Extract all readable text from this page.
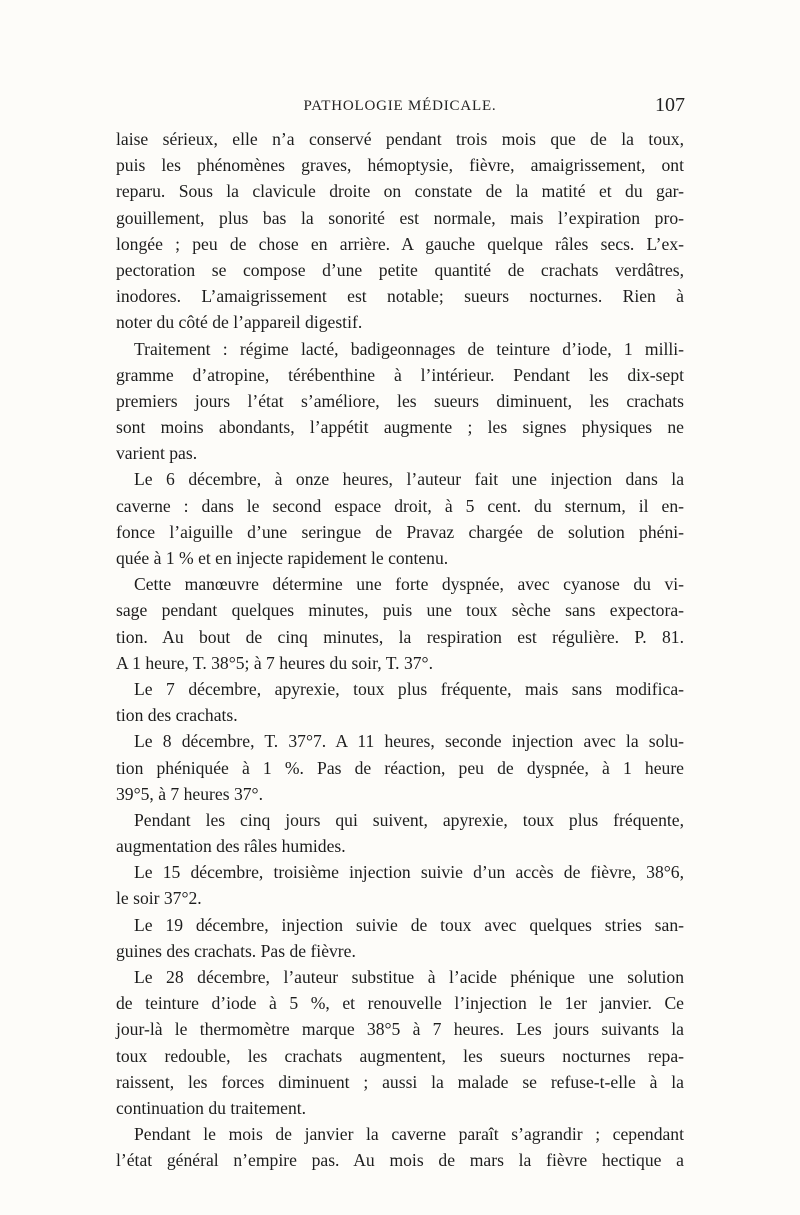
PATHOLOGIE MÉDICALE.	107
laise sérieux, elle n’a conservé pendant trois mois que de la toux,
puis les phénomènes graves, hémoptysie, fièvre, amaigrissement, ont
reparu. Sous la clavicule droite on constate de la matité et du gar-
gouillement, plus bas la sonorité est normale, mais l’expiration pro-
longée ; peu de chose en arrière. A gauche quelque râles secs. L’ex-
pectoration se compose d’une petite quantité de crachats verdâtres,
inodores. L’amaigrissement est notable; sueurs nocturnes. Rien à
noter du côté de l’appareil digestif.
Traitement : régime lacté, badigeonnages de teinture d’iode, 1 milli-
gramme d’atropine, térébenthine à l’intérieur. Pendant les dix-sept
premiers jours l’état s’améliore, les sueurs diminuent, les crachats
sont moins abondants, l’appétit augmente ; les signes physiques ne
varient pas.
Le 6 décembre, à onze heures, l’auteur fait une injection dans la
caverne : dans le second espace droit, à 5 cent. du sternum, il en-
fonce l’aiguille d’une seringue de Pravaz chargée de solution phéni-
quée à 1 % et en injecte rapidement le contenu.
Cette manœuvre détermine une forte dyspnée, avec cyanose du vi-
sage pendant quelques minutes, puis une toux sèche sans expectora-
tion. Au bout de cinq minutes, la respiration est régulière. P. 81.
A 1 heure, T. 38°5; à 7 heures du soir, T. 37°.
Le 7 décembre, apyrexie, toux plus fréquente, mais sans modifica-
tion des crachats.
Le 8 décembre, T. 37°7. A 11 heures, seconde injection avec la solu-
tion phéniquée à 1 %. Pas de réaction, peu de dyspnée, à 1 heure
39°5, à 7 heures 37°.
Pendant les cinq jours qui suivent, apyrexie, toux plus fréquente,
augmentation des râles humides.
Le 15 décembre, troisième injection suivie d’un accès de fièvre, 38°6,
le soir 37°2.
Le 19 décembre, injection suivie de toux avec quelques stries san-
guines des crachats. Pas de fièvre.
Le 28 décembre, l’auteur substitue à l’acide phénique une solution
de teinture d’iode à 5 %, et renouvelle l’injection le 1er janvier. Ce
jour-là le thermomètre marque 38°5 à 7 heures. Les jours suivants la
toux redouble, les crachats augmentent, les sueurs nocturnes repa-
raissent, les forces diminuent ; aussi la malade se refuse-t-elle à la
continuation du traitement.
Pendant le mois de janvier la caverne paraît s’agrandir ; cependant
l’état général n’empire pas. Au mois de mars la fièvre hectique a
